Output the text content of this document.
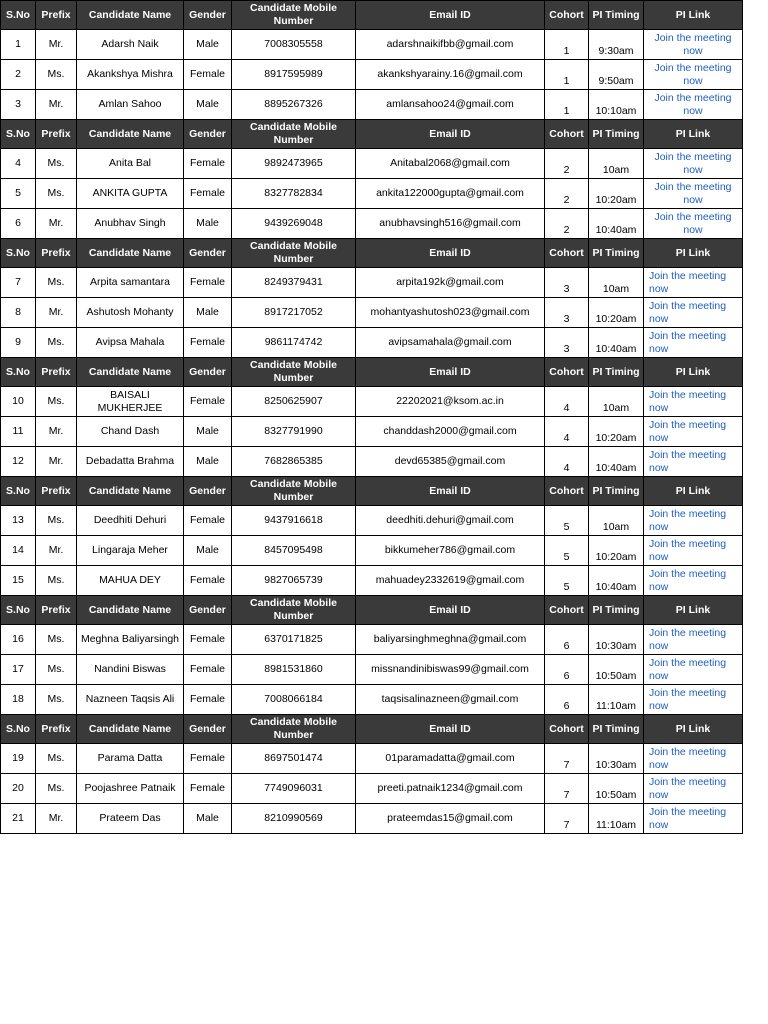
S.No	Prefix	Candidate Name	Gender	Candidate Mobile Number	Email ID	Cohort	PI Timing	PI Link
1	Mr.	Adarsh Naik	Male	7008305558	adarshnaikifbb@gmail.com	1	9:30am	Join the meeting now
2	Ms.	Akankshya Mishra	Female	8917595989	akankshyarainy.16@gmail.com	1	9:50am	Join the meeting now
3	Mr.	Amlan Sahoo	Male	8895267326	amlansahoo24@gmail.com	1	10:10am	Join the meeting now
S.No	Prefix	Candidate Name	Gender	Candidate Mobile Number	Email ID	Cohort	PI Timing	PI Link
4	Ms.	Anita Bal	Female	9892473965	Anitabal2068@gmail.com	2	10am	Join the meeting now
5	Ms.	ANKITA GUPTA	Female	8327782834	ankita122000gupta@gmail.com	2	10:20am	Join the meeting now
6	Mr.	Anubhav Singh	Male	9439269048	anubhavsingh516@gmail.com	2	10:40am	Join the meeting now
S.No	Prefix	Candidate Name	Gender	Candidate Mobile Number	Email ID	Cohort	PI Timing	PI Link
7	Ms.	Arpita samantara	Female	8249379431	arpita192k@gmail.com	3	10am	Join the meeting now
8	Mr.	Ashutosh Mohanty	Male	8917217052	mohantyashutosh023@gmail.com	3	10:20am	Join the meeting now
9	Ms.	Avipsa Mahala	Female	9861174742	avipsamahala@gmail.com	3	10:40am	Join the meeting now
S.No	Prefix	Candidate Name	Gender	Candidate Mobile Number	Email ID	Cohort	PI Timing	PI Link
10	Ms.	BAISALI MUKHERJEE	Female	8250625907	22202021@ksom.ac.in	4	10am	Join the meeting now
11	Mr.	Chand Dash	Male	8327791990	chanddash2000@gmail.com	4	10:20am	Join the meeting now
12	Mr.	Debadatta Brahma	Male	7682865385	devd65385@gmail.com	4	10:40am	Join the meeting now
S.No	Prefix	Candidate Name	Gender	Candidate Mobile Number	Email ID	Cohort	PI Timing	PI Link
13	Ms.	Deedhiti Dehuri	Female	9437916618	deedhiti.dehuri@gmail.com	5	10am	Join the meeting now
14	Mr.	Lingaraja Meher	Male	8457095498	bikkumeher786@gmail.com	5	10:20am	Join the meeting now
15	Ms.	MAHUA DEY	Female	9827065739	mahuadey2332619@gmail.com	5	10:40am	Join the meeting now
S.No	Prefix	Candidate Name	Gender	Candidate Mobile Number	Email ID	Cohort	PI Timing	PI Link
16	Ms.	Meghna Baliyarsingh	Female	6370171825	baliyarsinghmeghna@gmail.com	6	10:30am	Join the meeting now
17	Ms.	Nandini Biswas	Female	8981531860	missnandinibiswas99@gmail.com	6	10:50am	Join the meeting now
18	Ms.	Nazneen Taqsis Ali	Female	7008066184	taqsisalinazneen@gmail.com	6	11:10am	Join the meeting now
S.No	Prefix	Candidate Name	Gender	Candidate Mobile Number	Email ID	Cohort	PI Timing	PI Link
19	Ms.	Parama Datta	Female	8697501474	01paramadatta@gmail.com	7	10:30am	Join the meeting now
20	Ms.	Poojashree Patnaik	Female	7749096031	preeti.patnaik1234@gmail.com	7	10:50am	Join the meeting now
21	Mr.	Prateem Das	Male	8210990569	prateemdas15@gmail.com	7	11:10am	Join the meeting now
